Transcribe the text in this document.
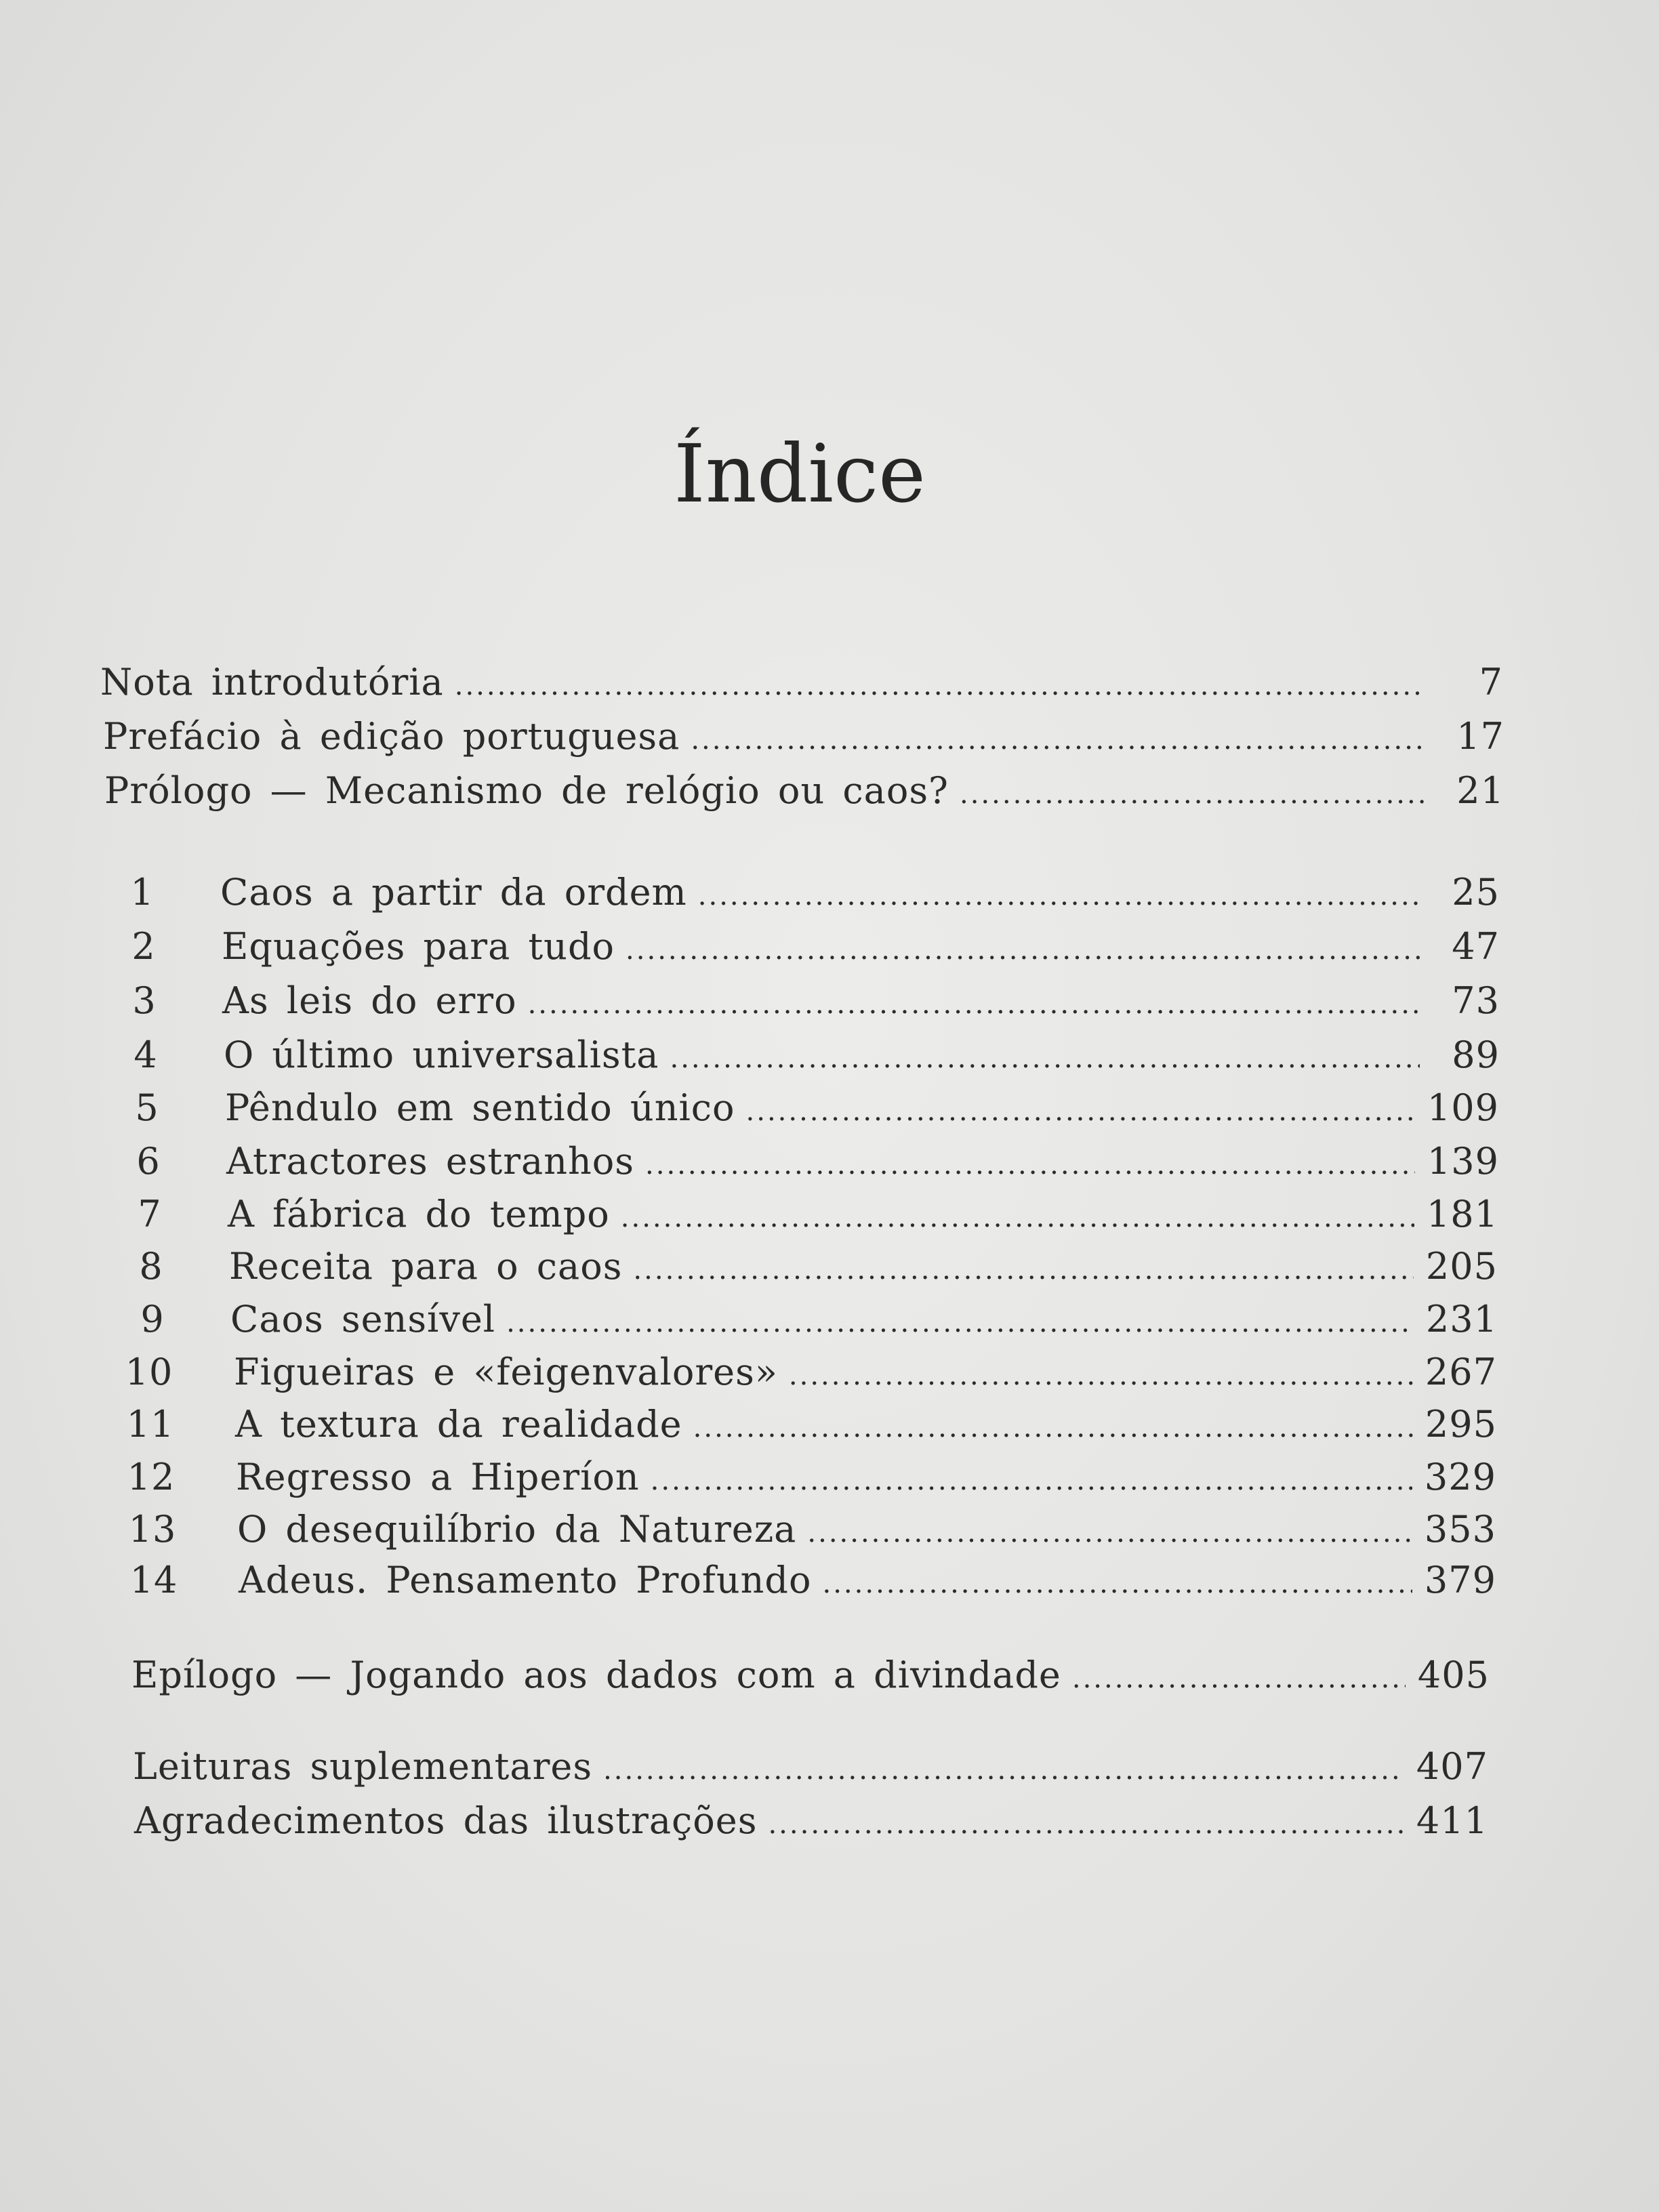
Índice
Nota introdutória .....	7
Prefácio à edição portuguesa .....	17
Prólogo — Mecanismo de relógio ou caos? .....	21
1	Caos a partir da ordem .....	25
2	Equações para tudo .....	47
3	As leis do erro .....	73
4	O último universalista .....	89
5	Pêndulo em sentido único .....	109
6	Atractores estranhos .....	139
7	A fábrica do tempo .....	181
8	Receita para o caos .....	205
9	Caos sensível .....	231
10	Figueiras e «feigenvalores» .....	267
11	A textura da realidade .....	295
12	Regresso a Hiperíon .....	329
13	O desequilíbrio da Natureza .....	353
14	Adeus. Pensamento Profundo .....	379
Epílogo — Jogando aos dados com a divindade .....	405
Leituras suplementares .....	407
Agradecimentos das ilustrações .....	411
